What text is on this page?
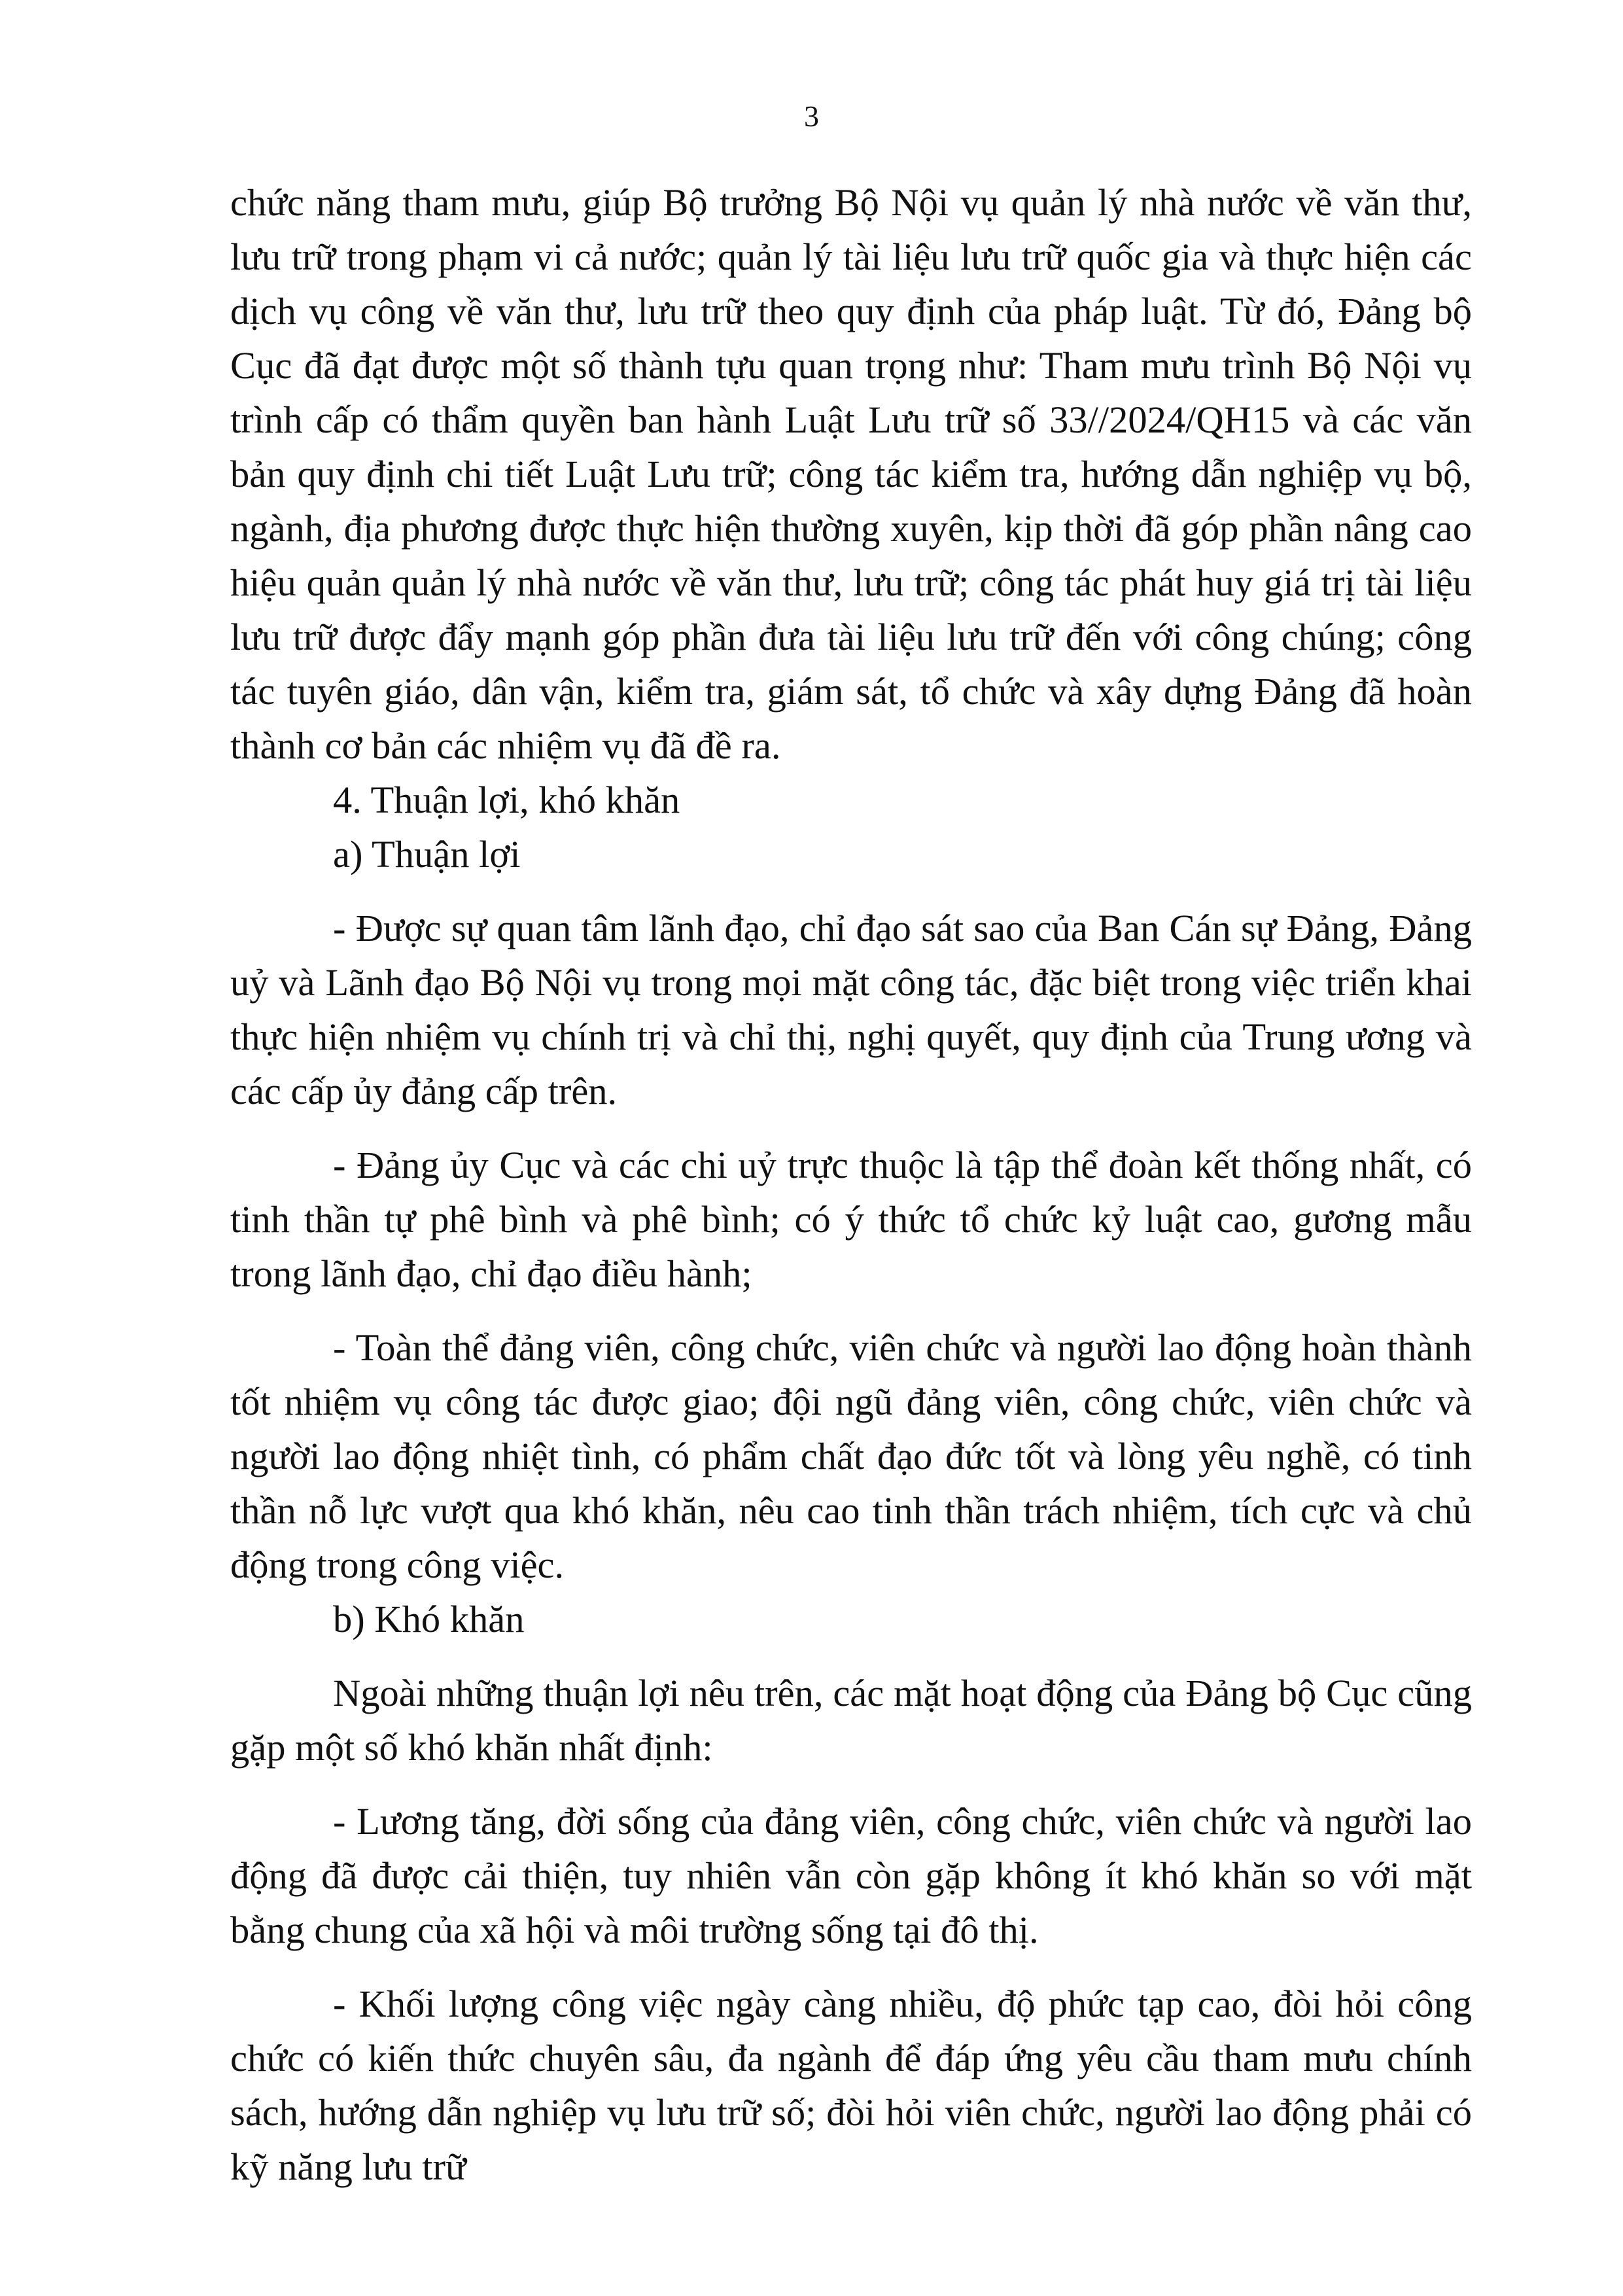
3

chức năng tham mưu, giúp Bộ trưởng Bộ Nội vụ quản lý nhà nước về văn thư, lưu trữ trong phạm vi cả nước; quản lý tài liệu lưu trữ quốc gia và thực hiện các dịch vụ công về văn thư, lưu trữ theo quy định của pháp luật. Từ đó, Đảng bộ Cục đã đạt được một số thành tựu quan trọng như: Tham mưu trình Bộ Nội vụ trình cấp có thẩm quyền ban hành Luật Lưu trữ số 33//2024/QH15 và các văn bản quy định chi tiết Luật Lưu trữ; công tác kiểm tra, hướng dẫn nghiệp vụ bộ, ngành, địa phương được thực hiện thường xuyên, kịp thời đã góp phần nâng cao hiệu quản quản lý nhà nước về văn thư, lưu trữ; công tác phát huy giá trị tài liệu lưu trữ được đẩy mạnh góp phần đưa tài liệu lưu trữ đến với công chúng; công tác tuyên giáo, dân vận, kiểm tra, giám sát, tổ chức và xây dựng Đảng đã hoàn thành cơ bản các nhiệm vụ đã đề ra.

4. Thuận lợi, khó khăn

a) Thuận lợi

- Được sự quan tâm lãnh đạo, chỉ đạo sát sao của Ban Cán sự Đảng, Đảng uỷ và Lãnh đạo Bộ Nội vụ trong mọi mặt công tác, đặc biệt trong việc triển khai thực hiện nhiệm vụ chính trị và chỉ thị, nghị quyết, quy định của Trung ương và các cấp ủy đảng cấp trên.

- Đảng ủy Cục và các chi uỷ trực thuộc là tập thể đoàn kết thống nhất, có tinh thần tự phê bình và phê bình; có ý thức tổ chức kỷ luật cao, gương mẫu trong lãnh đạo, chỉ đạo điều hành;

- Toàn thể đảng viên, công chức, viên chức và người lao động hoàn thành tốt nhiệm vụ công tác được giao; đội ngũ đảng viên, công chức, viên chức và người lao động nhiệt tình, có phẩm chất đạo đức tốt và lòng yêu nghề, có tinh thần nỗ lực vượt qua khó khăn, nêu cao tinh thần trách nhiệm, tích cực và chủ động trong công việc.

b) Khó khăn

Ngoài những thuận lợi nêu trên, các mặt hoạt động của Đảng bộ Cục cũng gặp một số khó khăn nhất định:

- Lương tăng, đời sống của đảng viên, công chức, viên chức và người lao động đã được cải thiện, tuy nhiên vẫn còn gặp không ít khó khăn so với mặt bằng chung của xã hội và môi trường sống tại đô thị.

- Khối lượng công việc ngày càng nhiều, độ phức tạp cao, đòi hỏi công chức có kiến thức chuyên sâu, đa ngành để đáp ứng yêu cầu tham mưu chính sách, hướng dẫn nghiệp vụ lưu trữ số; đòi hỏi viên chức, người lao động phải có kỹ năng lưu trữ
